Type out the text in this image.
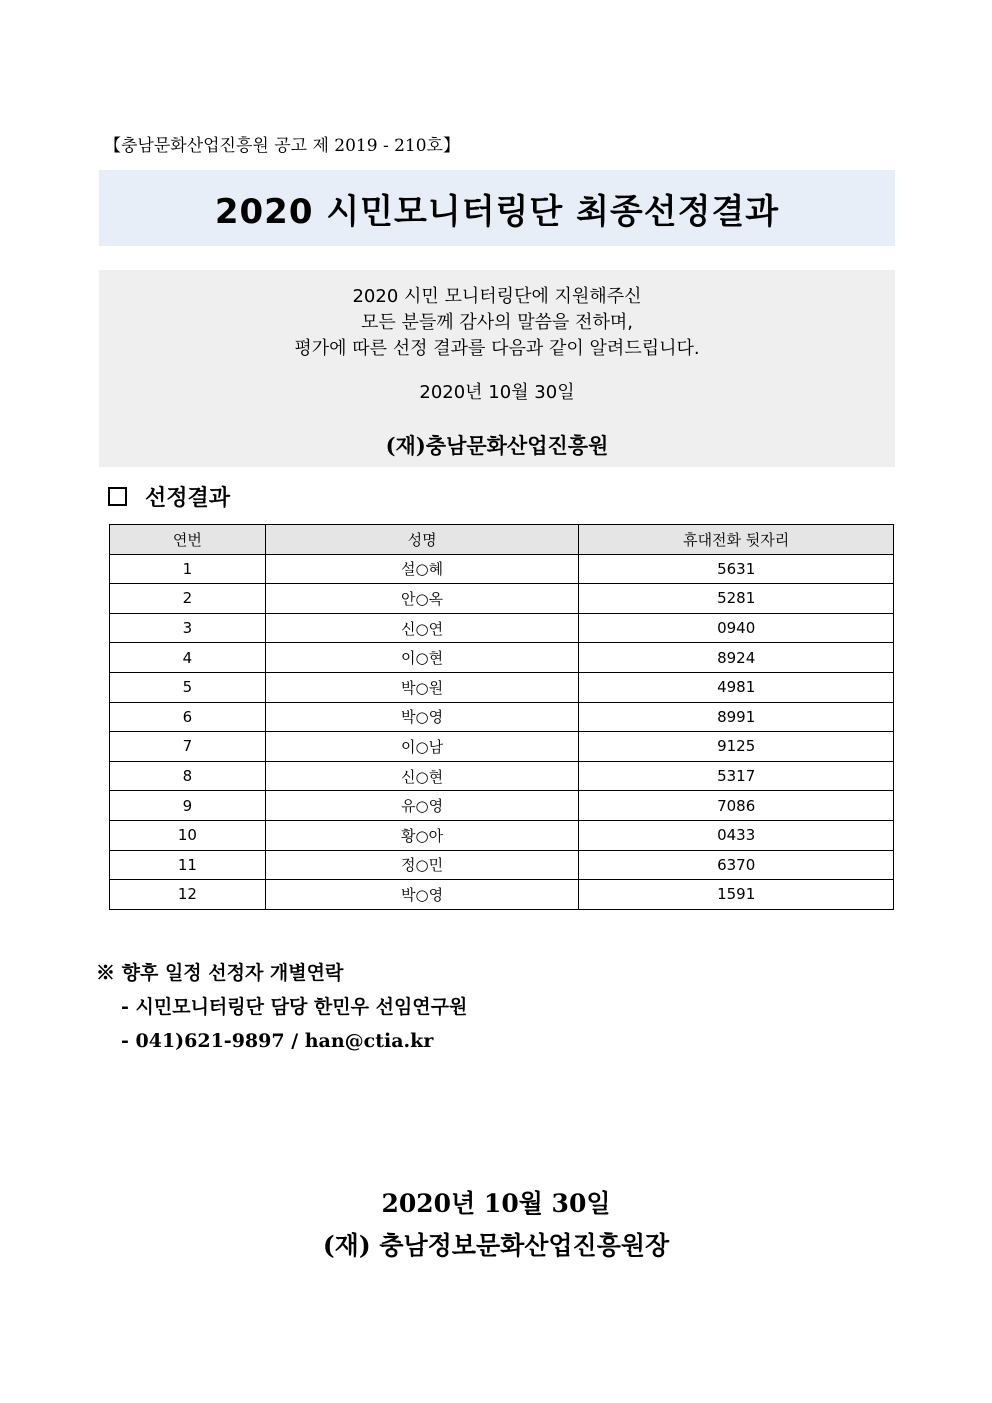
【충남문화산업진흥원 공고 제 2019 - 210호】
2020 시민모니터링단 최종선정결과
2020 시민 모니터링단에 지원해주신
모든 분들께 감사의 말씀을 전하며,
평가에 따른 선정 결과를 다음과 같이 알려드립니다.
2020년 10월 30일
(재)충남문화산업진흥원
선정결과
연번	성명	휴대전화 뒷자리
1	설○혜	5631
2	안○옥	5281
3	신○연	0940
4	이○현	8924
5	박○원	4981
6	박○영	8991
7	이○남	9125
8	신○현	5317
9	유○영	7086
10	황○아	0433
11	정○민	6370
12	박○영	1591
※ 향후 일정 선정자 개별연락
- 시민모니터링단 담당 한민우 선임연구원
- 041)621-9897 / han@ctia.kr
2020년 10월 30일
(재) 충남정보문화산업진흥원장
